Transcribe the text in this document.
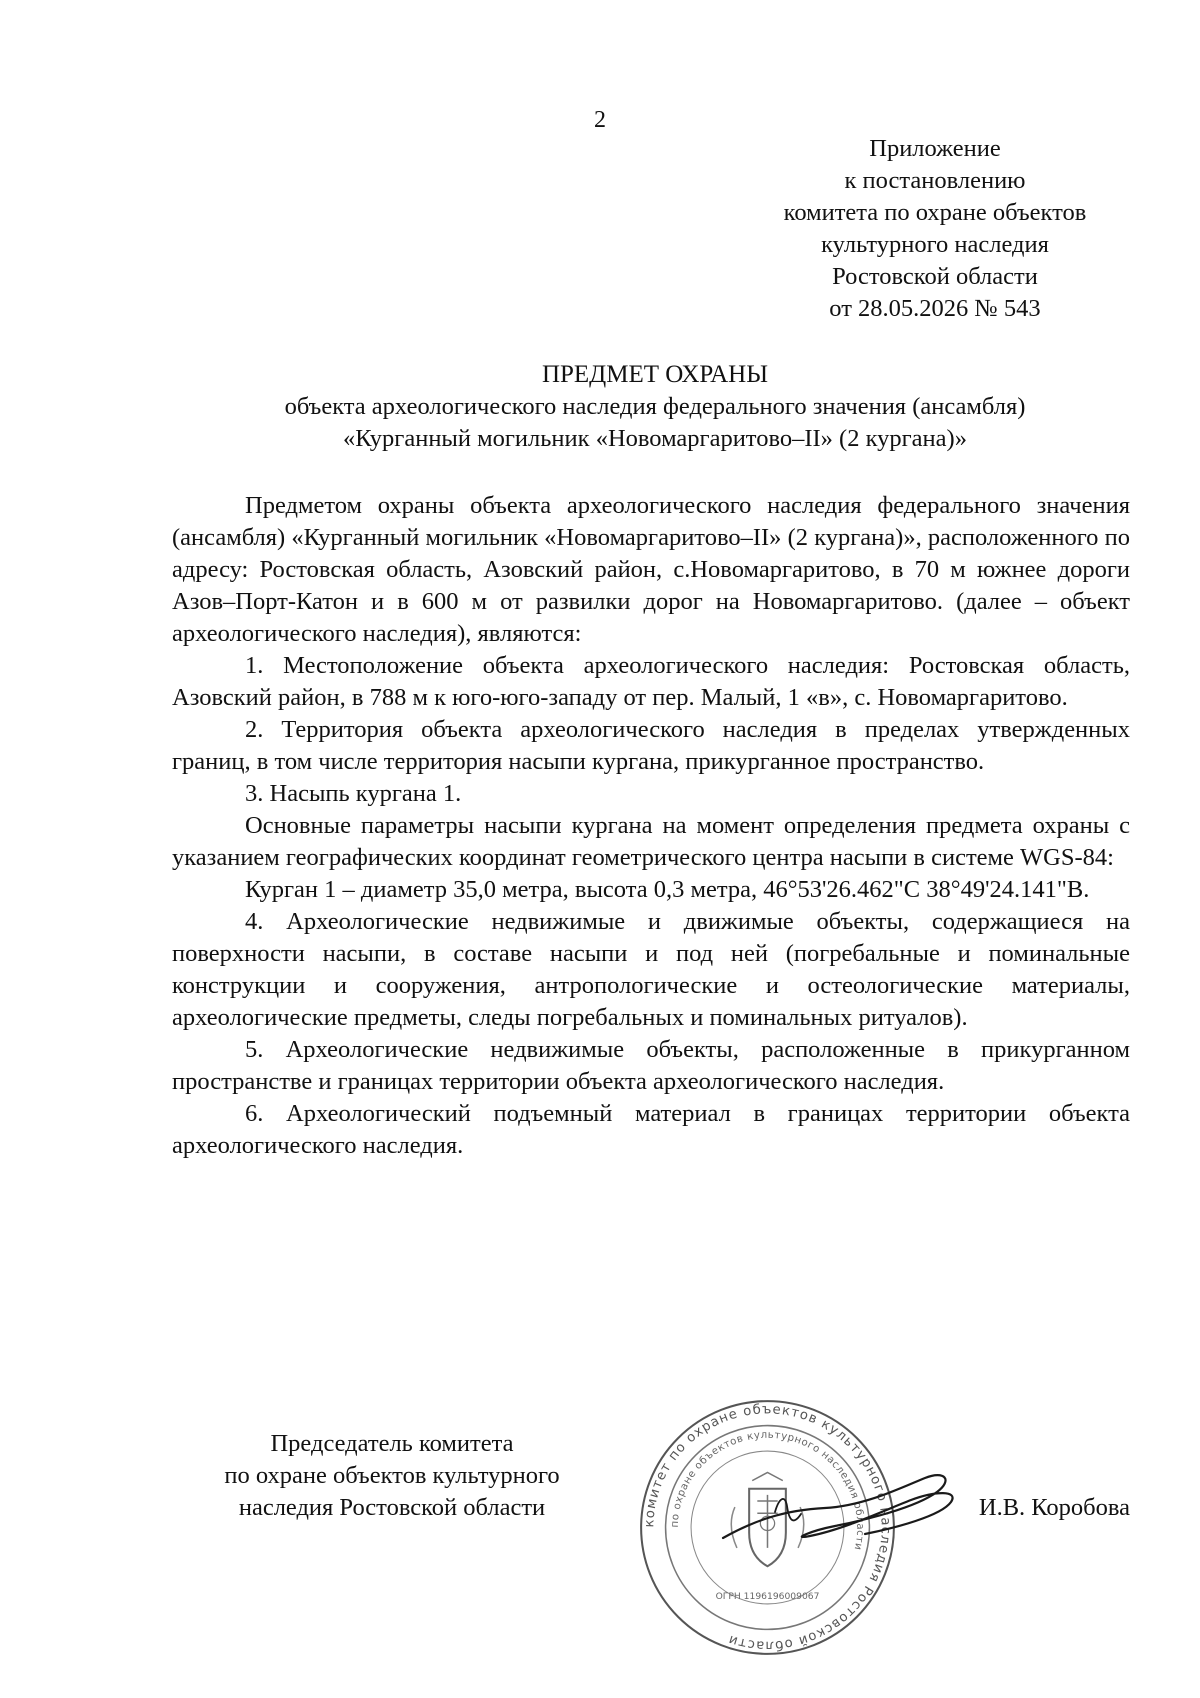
2
Приложение
к постановлению
комитета по охране объектов
культурного наследия
Ростовской области
от 28.05.2026 № 543
ПРЕДМЕТ ОХРАНЫ
объекта археологического наследия федерального значения (ансамбля)
«Курганный могильник «Новомаргаритово–II» (2 кургана)»

Предметом охраны объекта археологического наследия федерального значения (ансамбля) «Курганный могильник «Новомаргаритово–II» (2 кургана)», расположенного по адресу: Ростовская область, Азовский район, с.Новомаргаритово, в 70 м южнее дороги Азов–Порт-Катон и в 600 м от развилки дорог на Новомаргаритово. (далее – объект археологического наследия), являются:

1. Местоположение объекта археологического наследия: Ростовская область, Азовский район, в 788 м к юго-юго-западу от пер. Малый, 1 «в», с. Новомаргаритово.

2. Территория объекта археологического наследия в пределах утвержденных границ, в том числе территория насыпи кургана, прикурганное пространство.

3. Насыпь кургана 1.

Основные параметры насыпи кургана на момент определения предмета охраны с указанием географических координат геометрического центра насыпи в системе WGS-84:

Курган 1 – диаметр 35,0 метра, высота 0,3 метра, 46°53'26.462"С 38°49'24.141"В.

4. Археологические недвижимые и движимые объекты, содержащиеся на поверхности насыпи, в составе насыпи и под ней (погребальные и поминальные конструкции и сооружения, антропологические и остеологические материалы, археологические предметы, следы погребальных и поминальных ритуалов).

5. Археологические недвижимые объекты, расположенные в прикурганном пространстве и границах территории объекта археологического наследия.

6. Археологический подъемный материал в границах территории объекта археологического наследия.

Председатель комитета
по охране объектов культурного
наследия Ростовской области
комитет по охране объектов культурного наследия Ростовской области
по охране объектов культурного наследия области
ОГРН 1196196009067
И.В. Коробова
